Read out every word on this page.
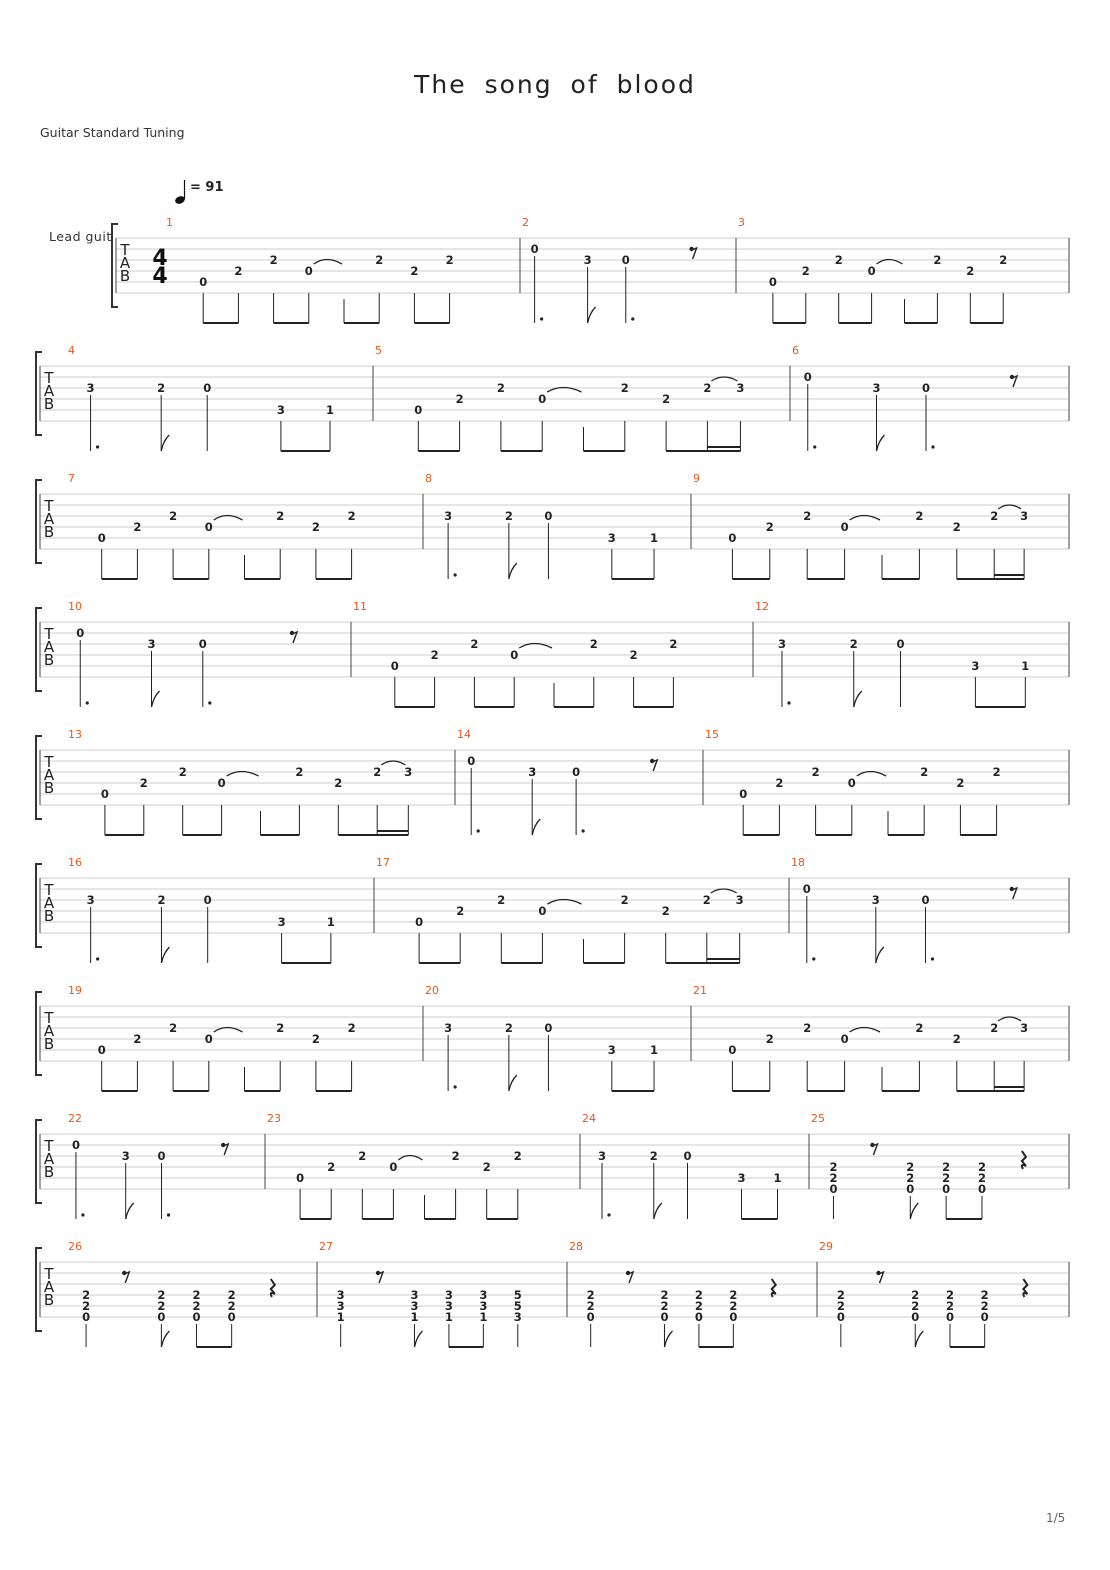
The song of blood
Guitar Standard Tuning
= 91
Lead guit
1/5
T
A
B
4
4
1
0
2
2
0
2
2
2
2
0
3	0
3
0
2
2
0
2
2
2
T
A
B
4
3	2	0
3	1
5
0
2
2
0
2
2
2 3
6
0
3	0
T
A
B
7
0
2
2
0
2
2
2
8
3	2	0
3	1
9
0
2
2
0
2
2
2 3
T
A
B
10
0
3	0
11
0
2
2
0
2
2
2
12
3	2	0
3	1
T
A
B
13
0
2
2
0
2
2
2 3
14
0
3	0
15
0
2
2
0
2
2
2
T
A
B
16
3	2	0
3	1
17
0
2
2
0
2
2
2 3
18
0
3	0
T
A
B
19
0
2
2
0
2
2
2
20
3	2	0
3	1
21
0
2
2
0
2
2
2 3
T
A
B
22
0
3 0
23
0
2
2
0
2
2
2
24
3	2 0
3 1
25
2
2
0
2
2
0
2
2
0
2
2
0
T
A
B
26
2
2
0
2
2
0
2
2
0
2
2
0
27
3
3
1
3
3
1
3
3
1
3
3
1
5
5
3
28
2
2
0
2
2
0
2
2
0
2
2
0
29
2
2
0
2
2
0
2
2
0
2
2
0
